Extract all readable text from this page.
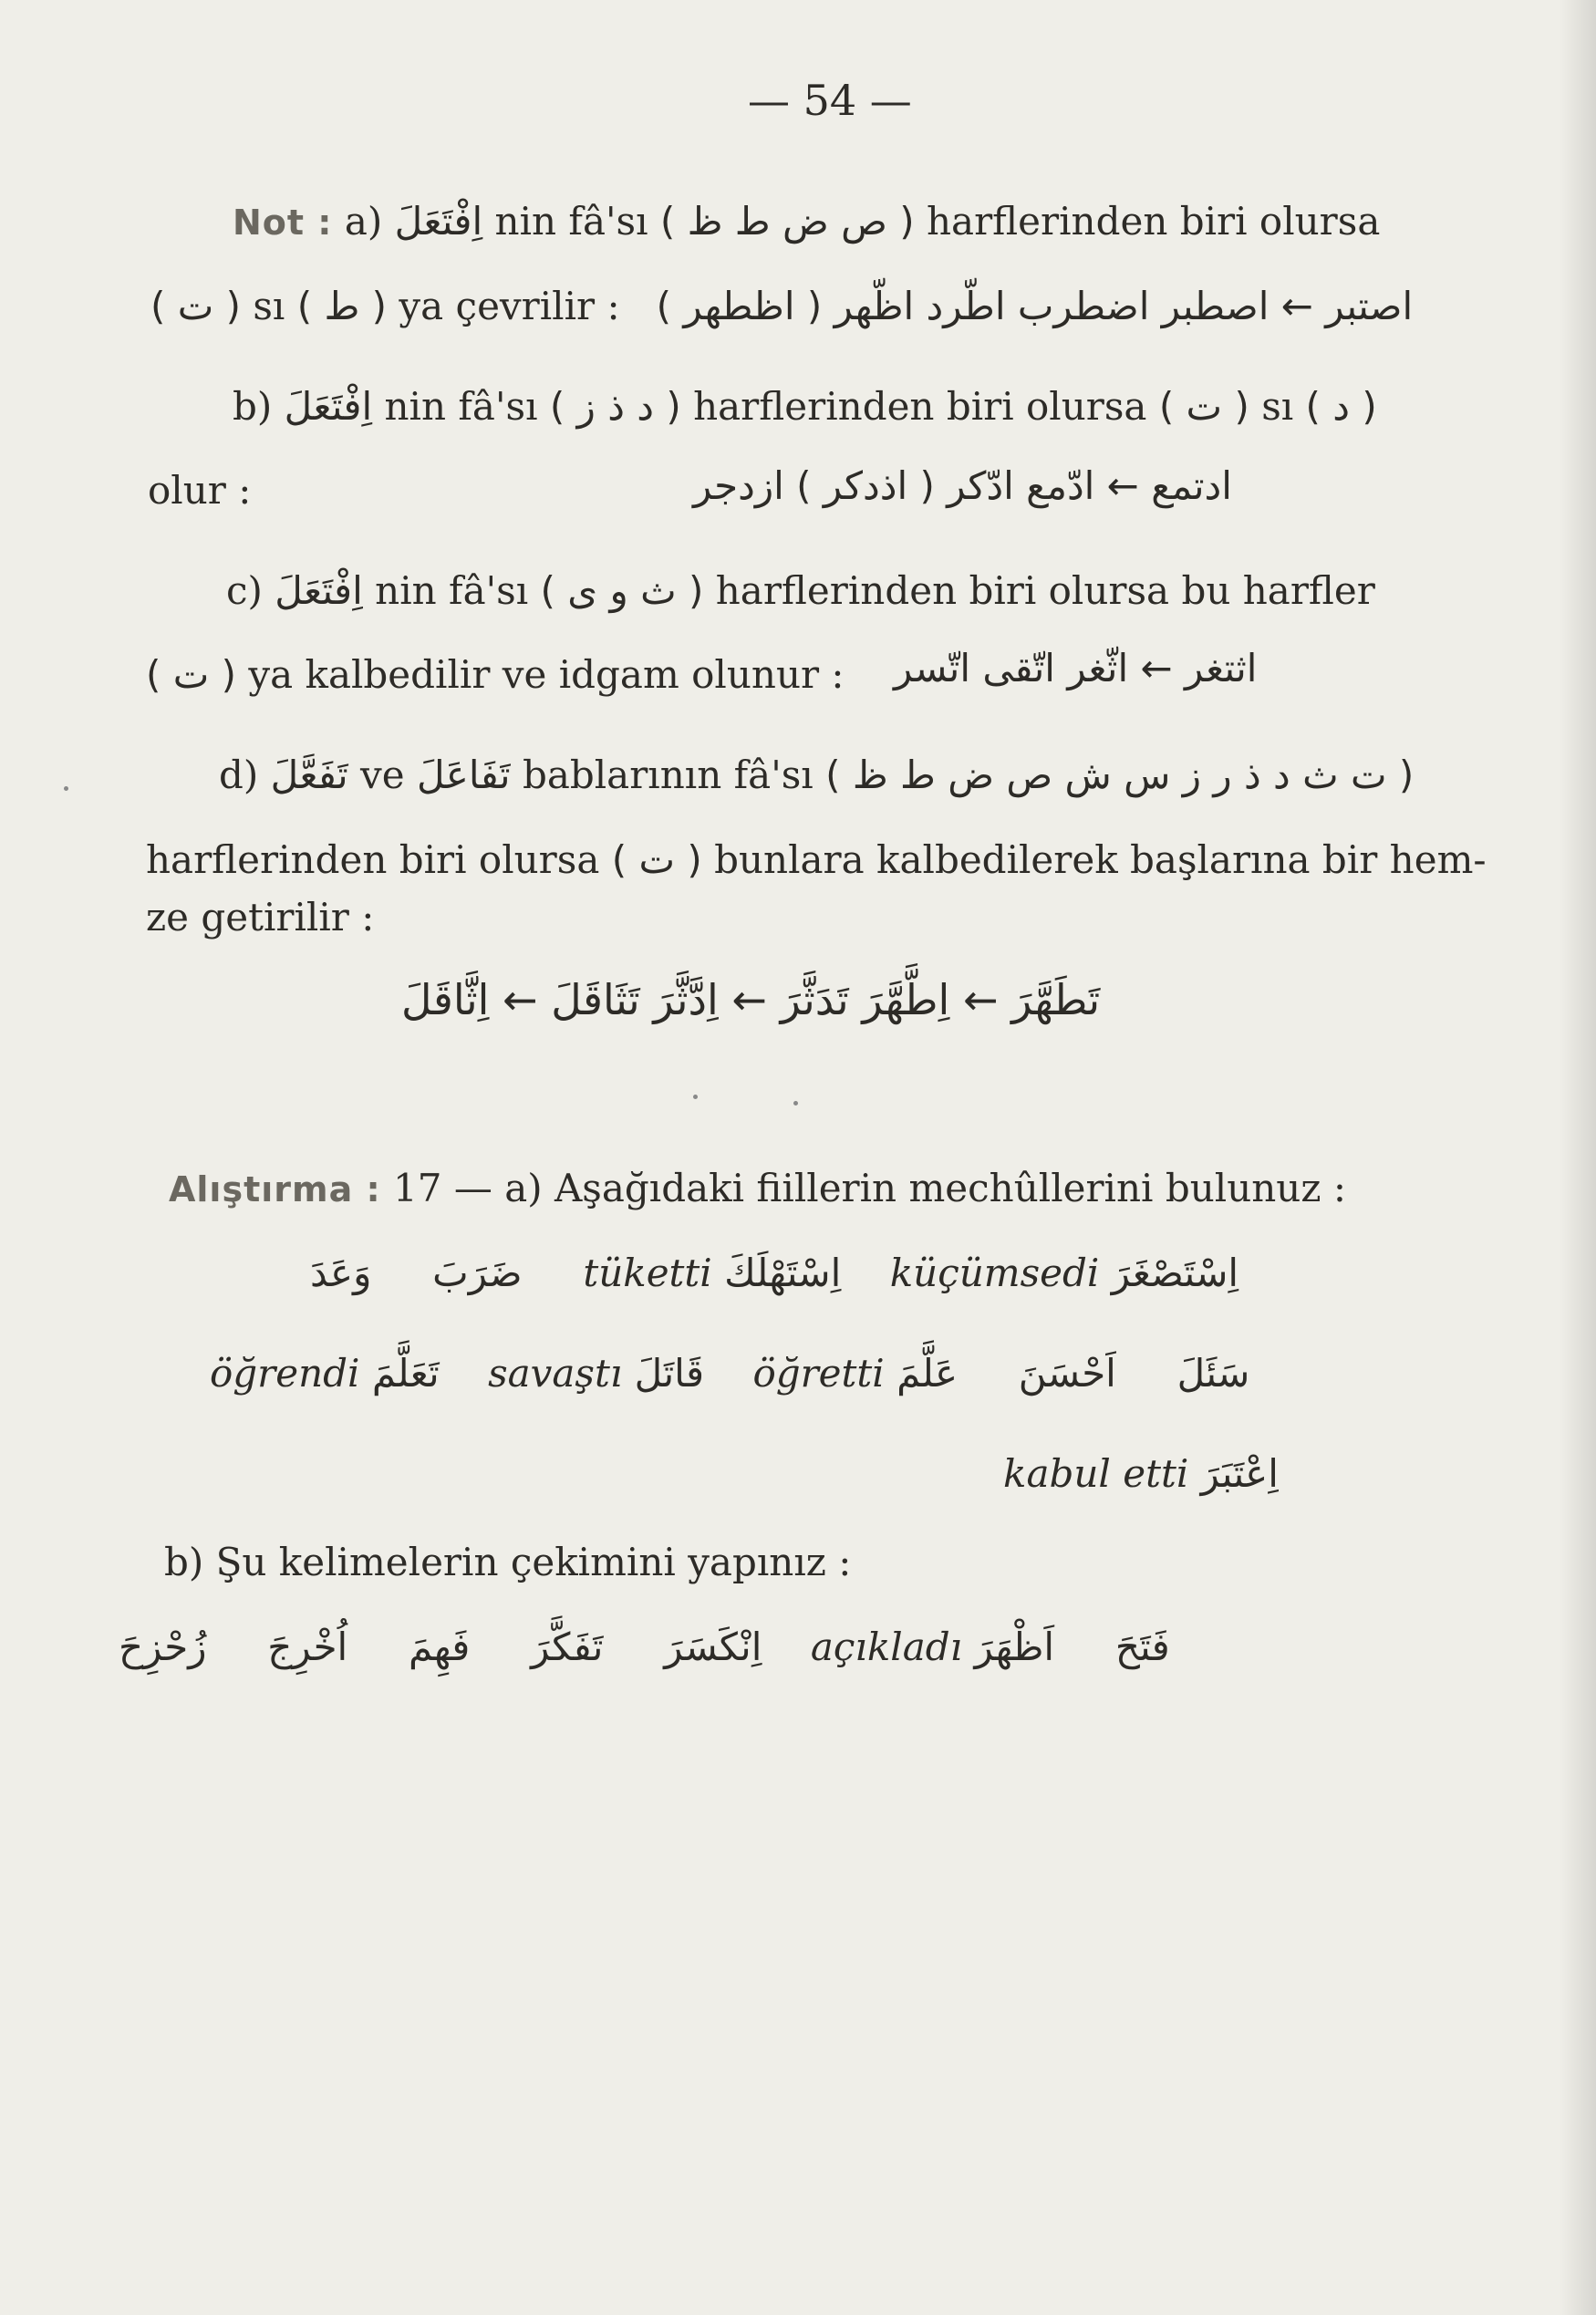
— 54 —
Not : a) اِفْتَعَلَ nin fâ'sı ( ص ض ط ظ ) harflerinden biri olursa
( ت ) sı ( ط ) ya çevrilir : اصتبر ← اصطبر اضطرب اطّرد اظّهر ( اظطهر )
b) اِفْتَعَلَ nin fâ'sı ( د ذ ز ) harflerinden biri olursa ( ت ) sı ( د )
olur :	ادتمع ← ادّمع ادّكر ( اذدكر ) ازدجر
c) اِفْتَعَلَ nin fâ'sı ( ث و ى ) harflerinden biri olursa bu harfler
( ت ) ya kalbedilir ve idgam olunur : اثتغر ← اثّغر اتّقى اتّسر
d) تَفَعَّلَ ve تَفَاعَلَ bablarının fâ'sı ( ت ث د ذ ر ز س ش ص ض ط ظ )
harflerinden biri olursa ( ت ) bunlara kalbedilerek başlarına bir hem-
ze getirilir :
تَطَهَّرَ ← اِطَّهَّرَ تَدَثَّرَ ← اِدَّثَّرَ تَثَاقَلَ ← اِثَّاقَلَ
Alıştırma : 17 — a) Aşağıdaki fiillerin mechûllerini bulunuz :
وَعَدَ ضَرَبَ tüketti اِسْتَهْلَكَ küçümsedi اِسْتَصْغَرَ
öğrendi تَعَلَّمَ savaştı قَاتَلَ öğretti عَلَّمَ اَحْسَنَ سَئَلَ
kabul etti اِعْتَبَرَ
b) Şu kelimelerin çekimini yapınız :
زُحْزِحَ اُخْرِجَ فَهِمَ تَفَكَّرَ اِنْكَسَرَ açıkladı اَظْهَرَ فَتَحَ
